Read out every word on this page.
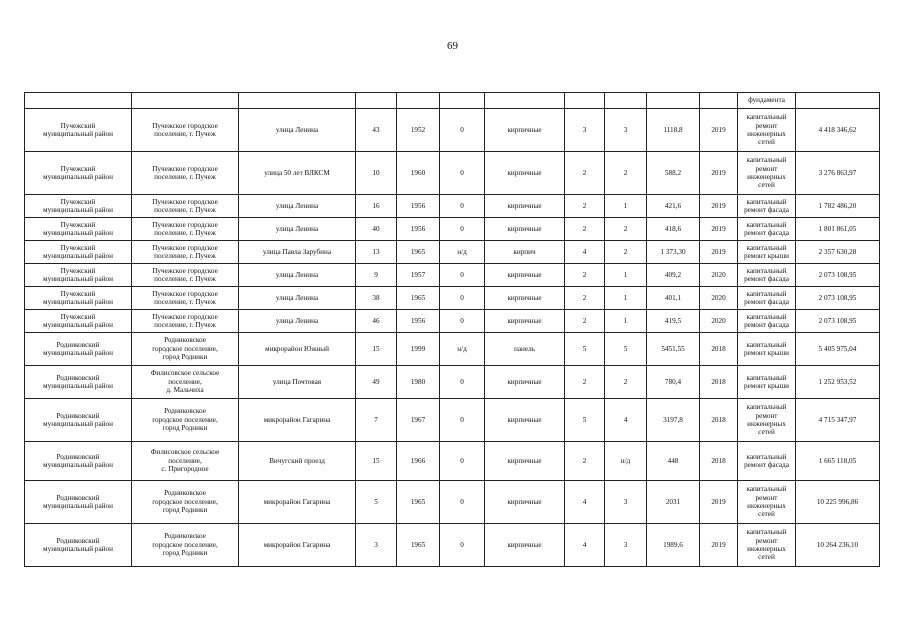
69
											фундамента	
Пучежский
муниципальный район	Пучежское городское
поселение, г. Пучеж	улица Ленина	43	1952	0	кирпичные	3	3	1118,8	2019	капитальный
ремонт
инженерных
сетей	4 418 346,62
Пучежский
муниципальный район	Пучежское городское
поселение, г. Пучеж	улица 50 лет ВЛКСМ	10	1960	0	кирпичные	2	2	588,2	2019	капитальный
ремонт
инженерных
сетей	3 276 863,97
Пучежский
муниципальный район	Пучежское городское
поселение, г. Пучеж	улица Ленина	16	1956	0	кирпичные	2	1	421,6	2019	капитальный
ремонт фасада	1 782 486,20
Пучежский
муниципальный район	Пучежское городское
поселение, г. Пучеж	улица Ленина	40	1956	0	кирпичные	2	2	418,6	2019	капитальный
ремонт фасада	1 801 861,05
Пучежский
муниципальный район	Пучежское городское
поселение, г. Пучеж	улица Павла Зарубина	13	1965	н/д	кирпич	4	2	1 373,30	2019	капитальный
ремонт крыши	2 357 630,28
Пучежский
муниципальный район	Пучежское городское
поселение, г. Пучеж	улица Ленина	9	1957	0	кирпичные	2	1	409,2	2020	капитальный
ремонт фасада	2 073 108,95
Пучежский
муниципальный район	Пучежское городское
поселение, г. Пучеж	улица Ленина	38	1965	0	кирпичные	2	1	401,1	2020	капитальный
ремонт фасада	2 073 108,95
Пучежский
муниципальный район	Пучежское городское
поселение, г. Пучеж	улица Ленина	46	1956	0	кирпичные	2	1	419,5	2020	капитальный
ремонт фасада	2 073 108,95
Родниковский
муниципальный район	Родниковское
городское поселение,
город Родники	микрорайон Южный	15	1999	н/д	панель	5	5	5451,55	2018	капитальный
ремонт крыши	5 405 975,04
Родниковский
муниципальный район	Филисовское сельское
поселение,
д. Мальчиха	улица Почтовая	49	1980	0	кирпичные	2	2	780,4	2018	капитальный
ремонт крыши	1 252 953,52
Родниковский
муниципальный район	Родниковское
городское поселение,
город Родники	микрорайон Гагарина	7	1967	0	кирпичные	5	4	3197,8	2018	капитальный
ремонт
инженерных
сетей	4 715 347,97
Родниковский
муниципальный район	Филисовское сельское
поселение,
с. Пригородное	Вичугский проезд	15	1966	0	кирпичные	2	н/д	448	2018	капитальный
ремонт фасада	1 665 118,05
Родниковский
муниципальный район	Родниковское
городское поселение,
город Родники	микрорайон Гагарина	5	1965	0	кирпичные	4	3	2031	2019	капитальный
ремонт
инженерных
сетей	10 225 996,86
Родниковский
муниципальный район	Родниковское
городское поселение,
город Родники	микрорайон Гагарина	3	1965	0	кирпичные	4	3	1989,6	2019	капитальный
ремонт
инженерных
сетей	10 264 236,10
